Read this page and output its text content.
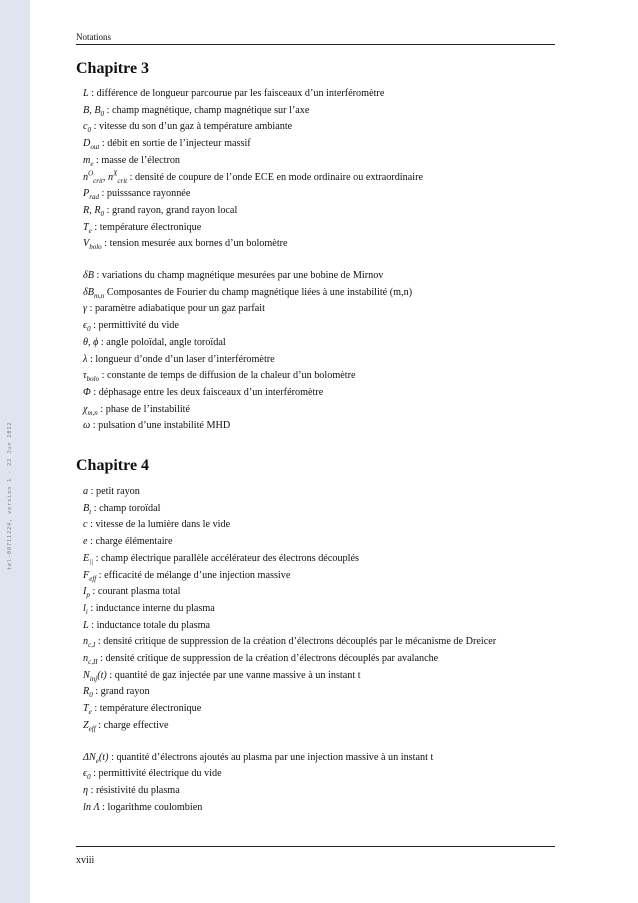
tel-00711224, version 1 - 22 Jun 2012
Notations
Chapitre 3
L : différence de longueur parcourue par les faisceaux d’un interféromètre
B, $B_0$ : champ magnétique, champ magnétique sur l’axe
$c_0$ : vitesse du son d’un gaz à température ambiante
$D_{out}$ : débit en sortie de l’injecteur massif
$m_e$ : masse de l’électron
$n^O_{crit}$, $n^X_{crit}$ : densité de coupure de l’onde ECE en mode ordinaire ou extraordinaire
$P_{rad}$ : puisssance rayonnée
R, $R_0$ : grand rayon, grand rayon local
$T_e$ : température électronique
$V_{bolo}$ : tension mesurée aux bornes d’un bolomètre
δB : variations du champ magnétique mesurées par une bobine de Mirnov
$\delta B_{m,n}$ Composantes de Fourier du champ magnétique liées à une instabilité (m,n)
γ : paramètre adiabatique pour un gaz parfait
$\epsilon_0$ : permittivité du vide
θ, ϕ : angle poloïdal, angle toroïdal
λ : longueur d’onde d’un laser d’interféromètre
$\tau_{bolo}$ : constante de temps de diffusion de la chaleur d’un bolomètre
Φ : déphasage entre les deux faisceaux d’un interféromètre
$\chi_{m,n}$ : phase de l’instabilité
ω : pulsation d’une instabilité MHD
Chapitre 4
a : petit rayon
$B_t$ : champ toroïdal
c : vitesse de la lumière dans le vide
e : charge élémentaire
$E_{||}$ : champ électrique parallèle accélérateur des électrons découplés
$F_{eff}$ : efficacité de mélange d’une injection massive
$I_p$ : courant plasma total
$l_i$ : inductance interne du plasma
L : inductance totale du plasma
$n_{c,I}$ : densité critique de suppression de la création d’électrons découplés par le mécanisme de Dreicer
$n_{c,II}$ : densité critique de suppression de la création d’électrons découplés par avalanche
$N_{inj}(t)$ : quantité de gaz injectée par une vanne massive à un instant t
$R_0$ : grand rayon
$T_e$ : température électronique
$Z_{eff}$ : charge effective
$\Delta N_e(t)$ : quantité d’électrons ajoutés au plasma par une injection massive à un instant t
$\epsilon_0$ : permittivité électrique du vide
η : résistivité du plasma
ln Λ : logarithme coulombien
xviii
